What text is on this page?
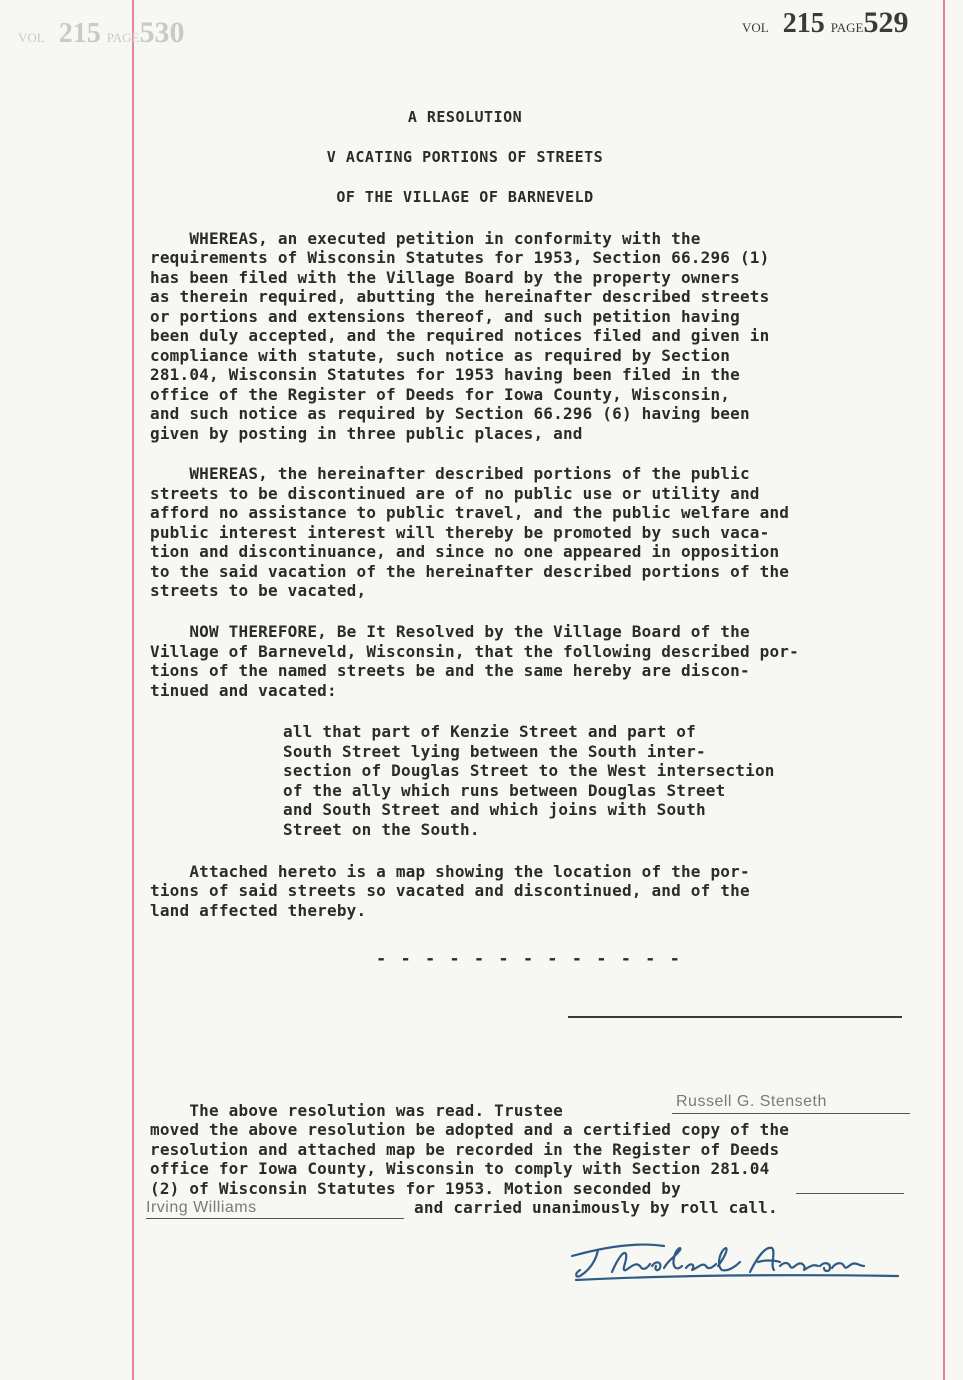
VOL 215 PAGE530	VOL 215 PAGE529
A RESOLUTION
V ACATING PORTIONS OF STREETS
OF THE VILLAGE OF BARNEVELD
WHEREAS, an executed petition in conformity with the
requirements of Wisconsin Statutes for 1953, Section 66.296 (1)
has been filed with the Village Board by the property owners
as therein required, abutting the hereinafter described streets
or portions and extensions thereof, and such petition having
been duly accepted, and the required notices filed and given in
compliance with statute, such notice as required by Section
281.04, Wisconsin Statutes for 1953 having been filed in the
office of the Register of Deeds for Iowa County, Wisconsin,
and such notice as required by Section 66.296 (6) having been
given by posting in three public places, and
WHEREAS, the hereinafter described portions of the public
streets to be discontinued are of no public use or utility and
afford no assistance to public travel, and the public welfare and
public interest interest will thereby be promoted by such vaca-
tion and discontinuance, and since no one appeared in opposition
to the said vacation of the hereinafter described portions of the
streets to be vacated,
NOW THEREFORE, Be It Resolved by the Village Board of the
Village of Barneveld, Wisconsin, that the following described por-
tions of the named streets be and the same hereby are discon-
tinued and vacated:
all that part of Kenzie Street and part of
South Street lying between the South inter-
section of Douglas Street to the West intersection
of the ally which runs between Douglas Street
and South Street and which joins with South
Street on the South.
Attached hereto is a map showing the location of the por-
tions of said streets so vacated and discontinued, and of the
land affected thereby.
- - - - - - - - - - - - -
The above resolution was read. Trustee	Russell G. Stenseth
moved the above resolution be adopted and a certified copy of the
resolution and attached map be recorded in the Register of Deeds
office for Iowa County, Wisconsin to comply with Section 281.04
(2) of Wisconsin Statutes for 1953. Motion seconded by
Irving Williams	and carried unanimously by roll call.
